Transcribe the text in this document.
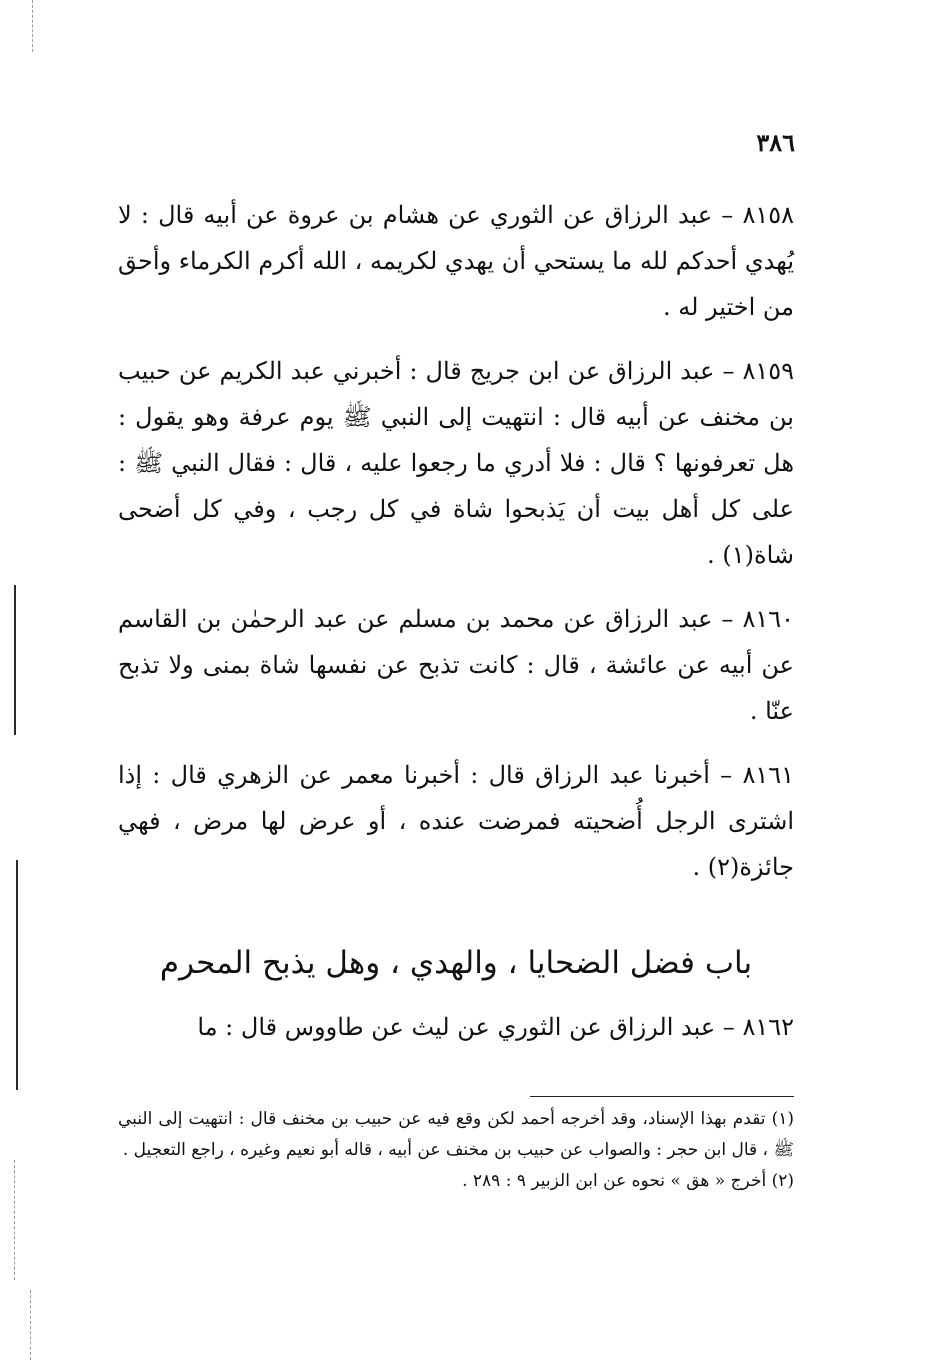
٣٨٦

٨١٥٨ – عبد الرزاق عن الثوري عن هشام بن عروة عن أبيه قال : لا يُهدي أحدكم لله ما يستحي أن يهدي لكريمه ، الله أكرم الكرماء وأحق من اختير له .

٨١٥٩ – عبد الرزاق عن ابن جريج قال : أخبرني عبد الكريم عن حبيب بن مخنف عن أبيه قال : انتهيت إلى النبي ﷺ يوم عرفة وهو يقول : هل تعرفونها ؟ قال : فلا أدري ما رجعوا عليه ، قال : فقال النبي ﷺ : على كل أهل بيت أن يَذبحوا شاة في كل رجب ، وفي كل أضحى شاة(١) .

٨١٦٠ – عبد الرزاق عن محمد بن مسلم عن عبد الرحمٰن بن القاسم عن أبيه عن عائشة ، قال : كانت تذبح عن نفسها شاة بمنى ولا تذبح عنّا .

٨١٦١ – أخبرنا عبد الرزاق قال : أخبرنا معمر عن الزهري قال : إذا اشترى الرجل أُضحيته فمرضت عنده ، أو عرض لها مرض ، فهي جائزة(٢) .

باب فضل الضحايا ، والهدي ، وهل يذبح المحرم

٨١٦٢ – عبد الرزاق عن الثوري عن ليث عن طاووس قال : ما

(١) تقدم بهذا الإسناد، وقد أخرجه أحمد لكن وقع فيه عن حبيب بن مخنف قال : انتهيت إلى النبي ﷺ ، قال ابن حجر : والصواب عن حبيب بن مخنف عن أبيه ، قاله أبو نعيم وغيره ، راجع التعجيل .

(٢) أخرج « هق » نحوه عن ابن الزبير ٩ : ٢٨٩ .
